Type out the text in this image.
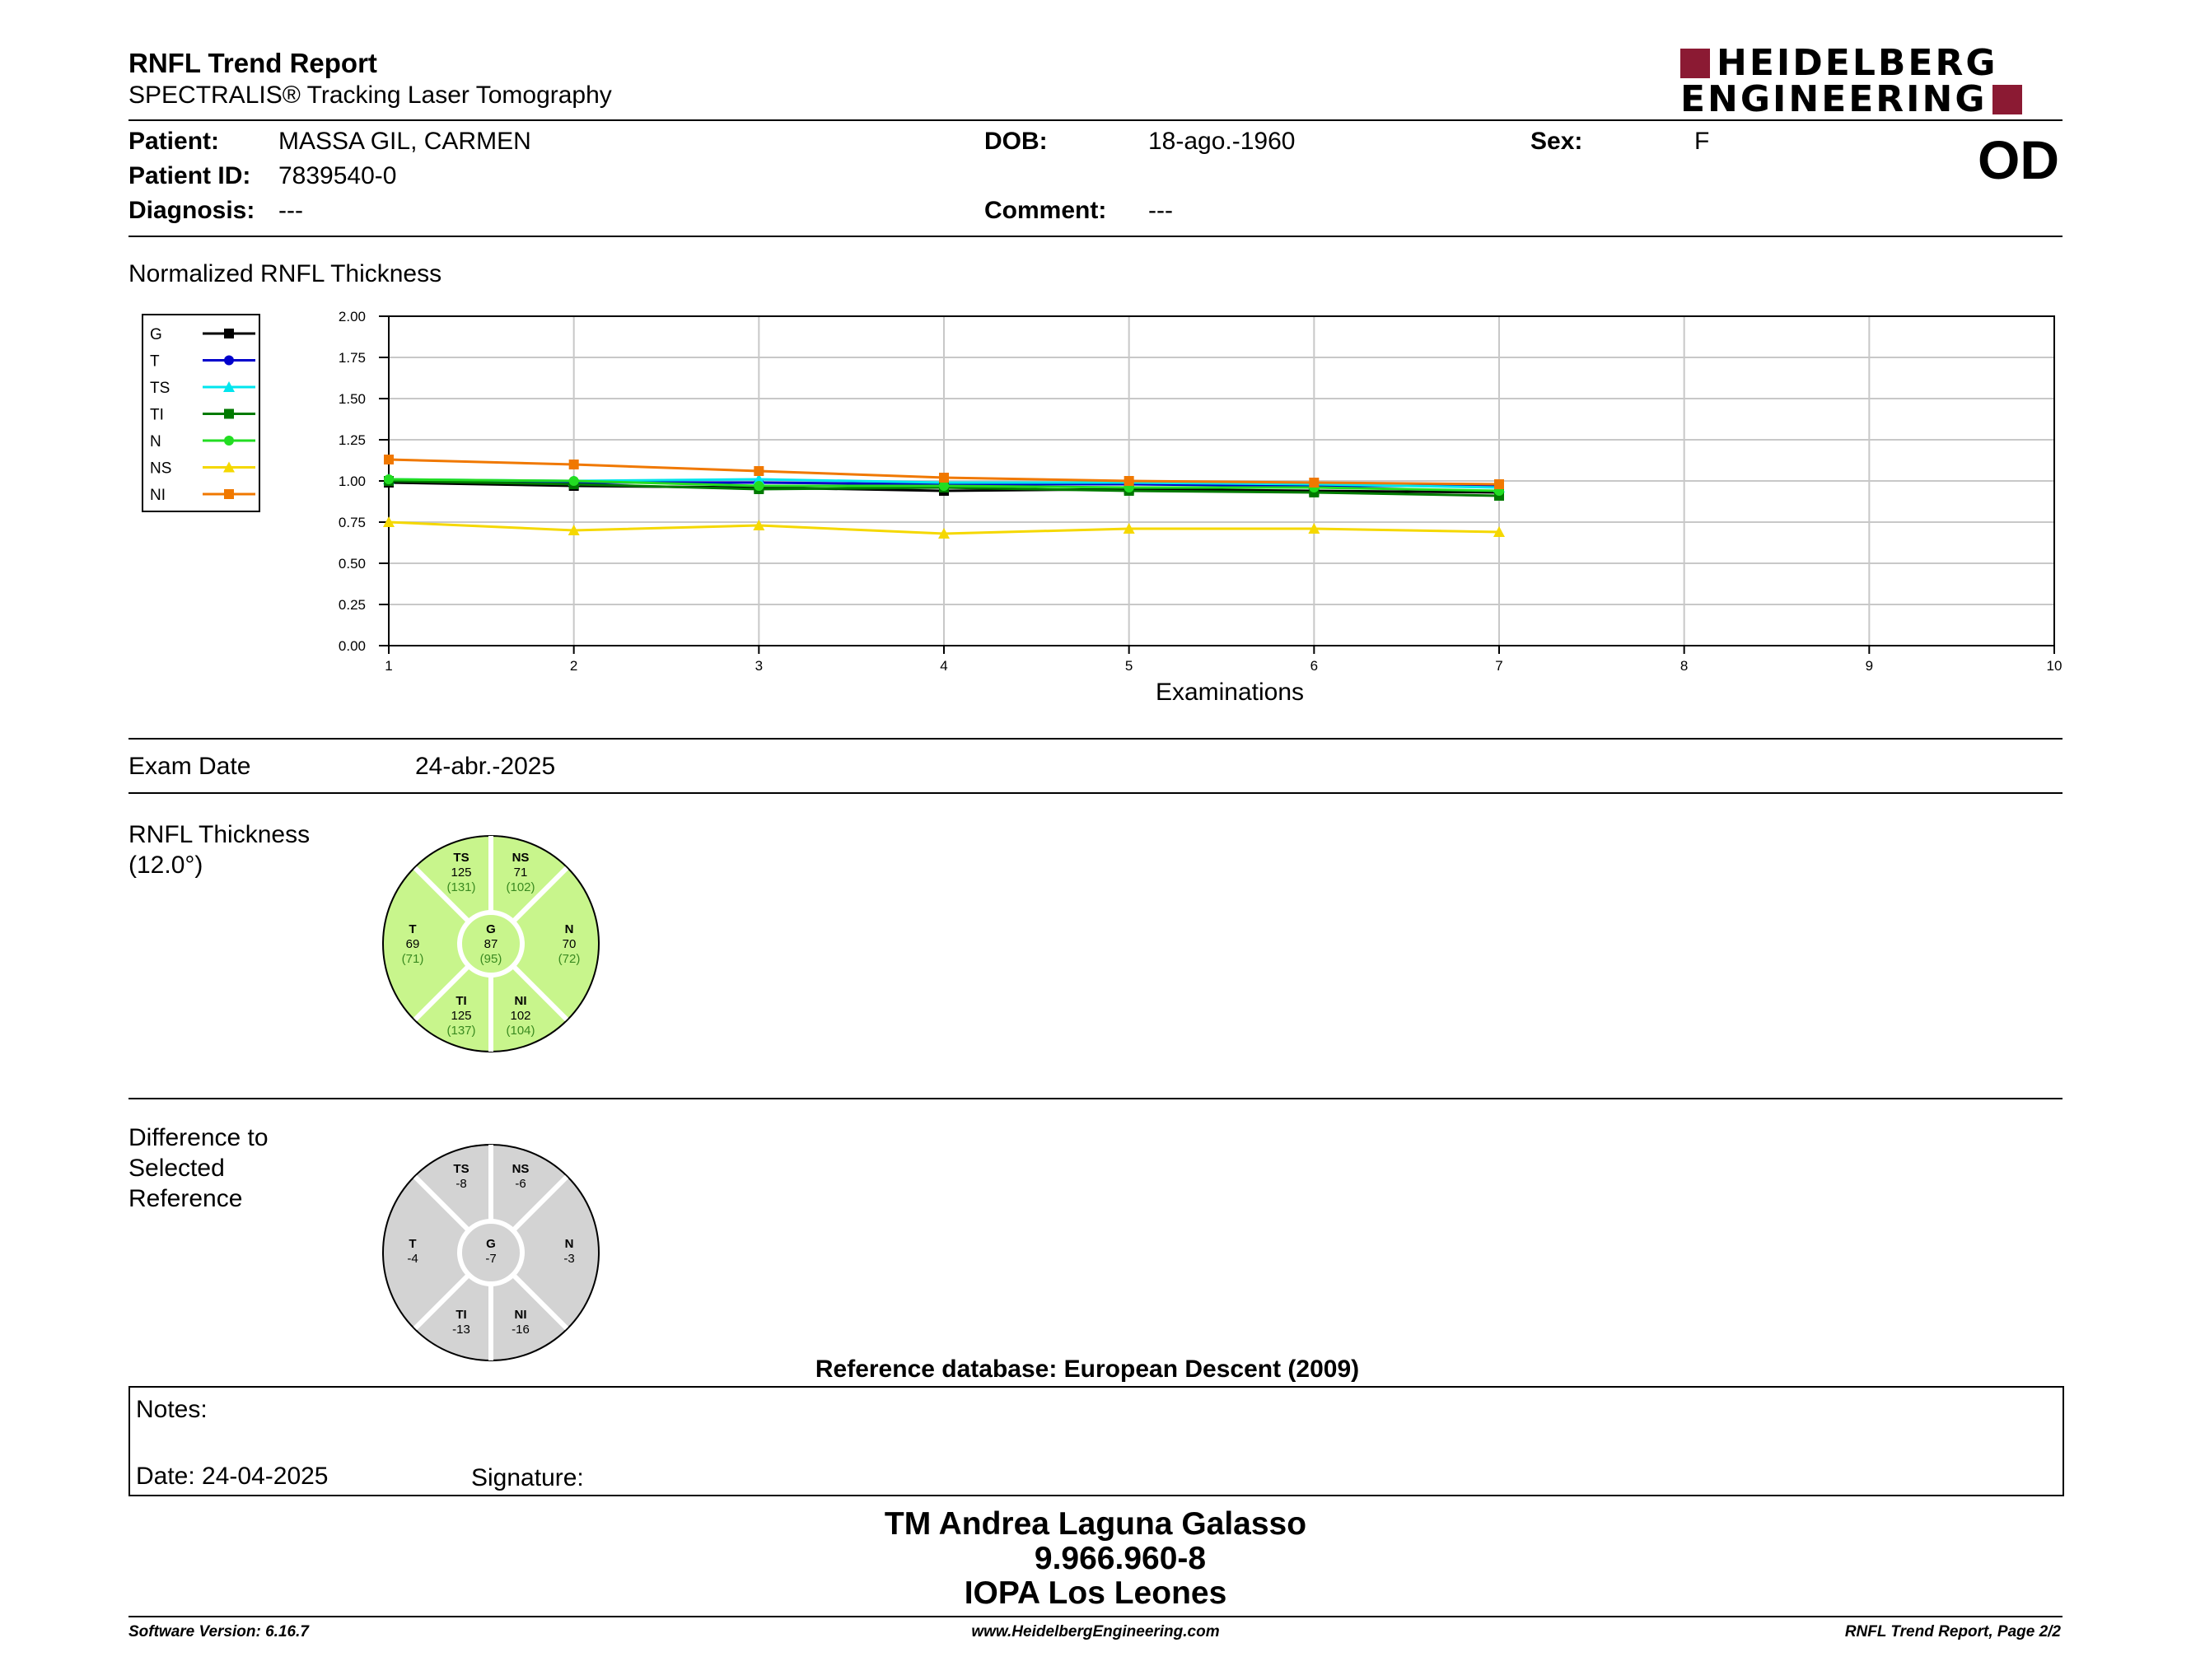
RNFL Trend Report
SPECTRALIS® Tracking Laser Tomography
HEIDELBERG
ENGINEERING
Patient: MASSA GIL, CARMEN
Patient ID: 7839540-0
Diagnosis: ---
DOB:	18-ago.-1960
Comment: ---
Sex:	F	OD
Normalized RNFL Thickness
G
T
TS
TI
N
NS
NI
0.00
0.25
0.50
0.75
1.00
1.25
1.50
1.75
2.00
1	2	3	4	5	6	7	8	9	10
Examinations
Exam Date	24-abr.-2025
RNFL Thickness
(12.0°)	TS
125
(131)
NS
71
(102)
T
69
(71)
G
87
(95)
N
70
(72)
TI
125
(137)
NI
102
(104)
Difference to
Selected
Reference
TS
-8
NS
-6
T
-4
G
-7
N
-3
TI
-13
NI
-16
Reference database: European Descent (2009)
Notes:
Date: 24-04-2025	Signature:
TM Andrea Laguna Galasso
9.966.960-8
IOPA Los Leones
Software Version: 6.16.7	www.HeidelbergEngineering.com	RNFL Trend Report, Page 2/2
